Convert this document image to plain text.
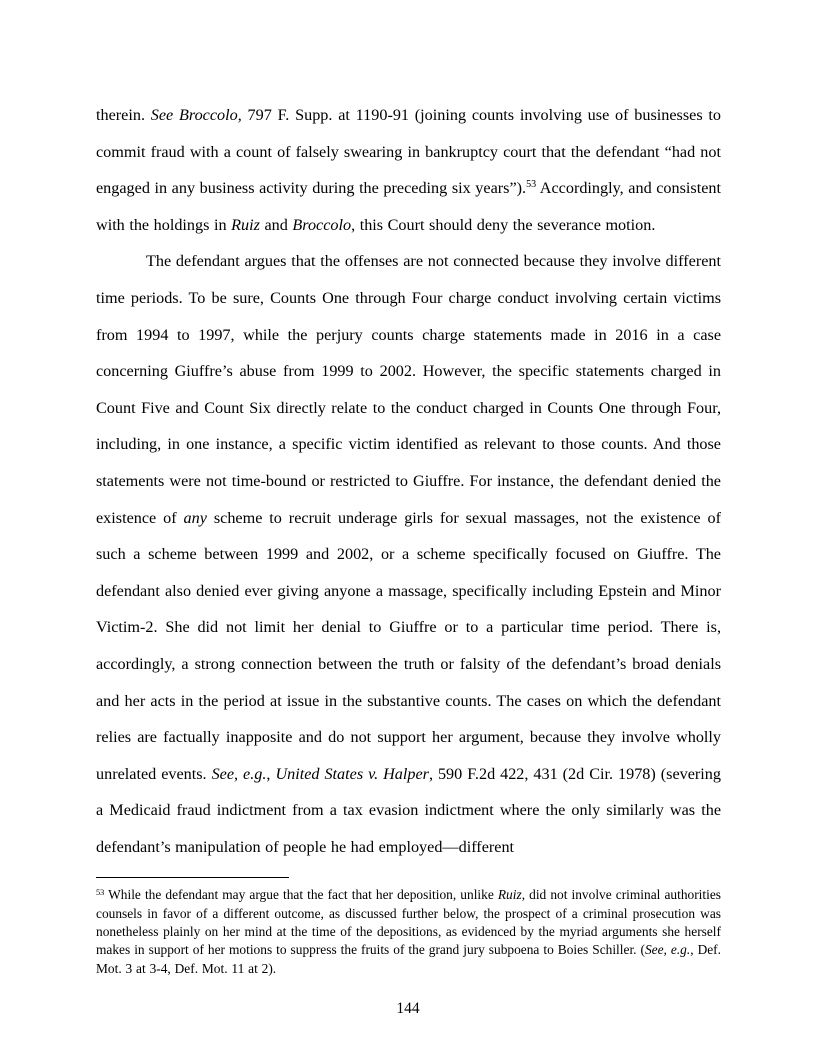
therein. See Broccolo, 797 F. Supp. at 1190-91 (joining counts involving use of businesses to commit fraud with a count of falsely swearing in bankruptcy court that the defendant “had not engaged in any business activity during the preceding six years”).$^{53}$ Accordingly, and consistent with the holdings in Ruiz and Broccolo, this Court should deny the severance motion.

The defendant argues that the offenses are not connected because they involve different time periods. To be sure, Counts One through Four charge conduct involving certain victims from 1994 to 1997, while the perjury counts charge statements made in 2016 in a case concerning Giuffre’s abuse from 1999 to 2002. However, the specific statements charged in Count Five and Count Six directly relate to the conduct charged in Counts One through Four, including, in one instance, a specific victim identified as relevant to those counts. And those statements were not time-bound or restricted to Giuffre. For instance, the defendant denied the existence of any scheme to recruit underage girls for sexual massages, not the existence of such a scheme between 1999 and 2002, or a scheme specifically focused on Giuffre. The defendant also denied ever giving anyone a massage, specifically including Epstein and Minor Victim-2. She did not limit her denial to Giuffre or to a particular time period. There is, accordingly, a strong connection between the truth or falsity of the defendant’s broad denials and her acts in the period at issue in the substantive counts. The cases on which the defendant relies are factually inapposite and do not support her argument, because they involve wholly unrelated events. See, e.g., United States v. Halper, 590 F.2d 422, 431 (2d Cir. 1978) (severing a Medicaid fraud indictment from a tax evasion indictment where the only similarly was the defendant’s manipulation of people he had employed—different

$^{53}$ While the defendant may argue that the fact that her deposition, unlike Ruiz, did not involve criminal authorities counsels in favor of a different outcome, as discussed further below, the prospect of a criminal prosecution was nonetheless plainly on her mind at the time of the depositions, as evidenced by the myriad arguments she herself makes in support of her motions to suppress the fruits of the grand jury subpoena to Boies Schiller. (See, e.g., Def. Mot. 3 at 3-4, Def. Mot. 11 at 2).

144
